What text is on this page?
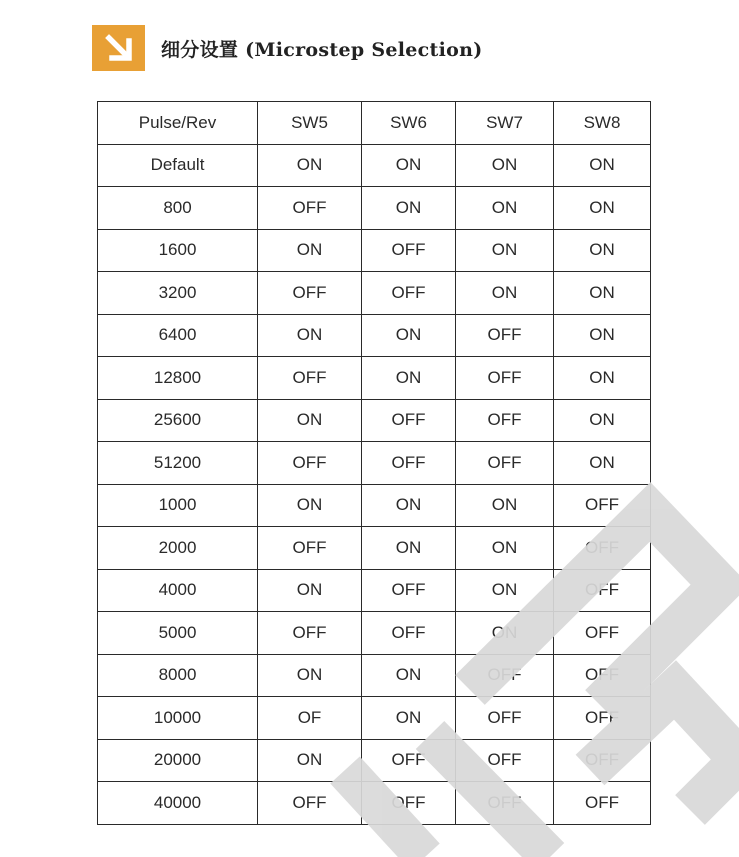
细分设置 (Microstep Selection)
Pulse/Rev	SW5	SW6	SW7	SW8
Default	ON	ON	ON	ON
800	OFF	ON	ON	ON
1600	ON	OFF	ON	ON
3200	OFF	OFF	ON	ON
6400	ON	ON	OFF	ON
12800	OFF	ON	OFF	ON
25600	ON	OFF	OFF	ON
51200	OFF	OFF	OFF	ON
1000	ON	ON	ON	OFF
2000	OFF	ON	ON	OFF
4000	ON	OFF	ON	OFF
5000	OFF	OFF	ON	OFF
8000	ON	ON	OFF	OFF
10000	OF	ON	OFF	OFF
20000	ON	OFF	OFF	OFF
40000	OFF	OFF	OFF	OFF
